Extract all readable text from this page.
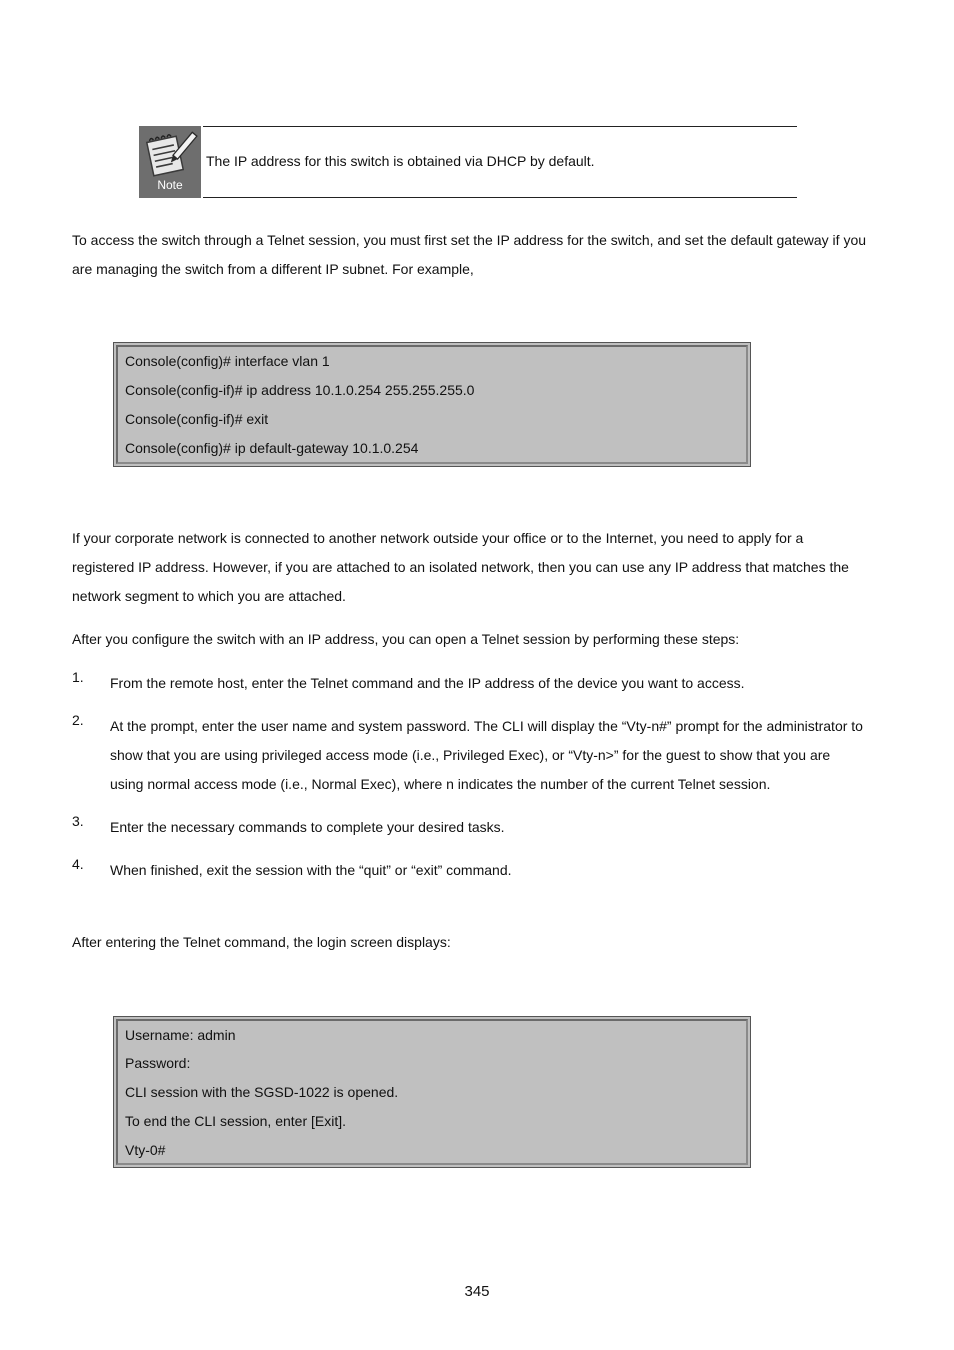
Note
The IP address for this switch is obtained via DHCP by default.
To access the switch through a Telnet session, you must first set the IP address for the switch, and set the default gateway if you
are managing the switch from a different IP subnet. For example,
Console(config)# interface vlan 1
Console(config-if)# ip address 10.1.0.254 255.255.255.0
Console(config-if)# exit
Console(config)# ip default-gateway 10.1.0.254
If your corporate network is connected to another network outside your office or to the Internet, you need to apply for a
registered IP address. However, if you are attached to an isolated network, then you can use any IP address that matches the
network segment to which you are attached.
After you configure the switch with an IP address, you can open a Telnet session by performing these steps:
1. From the remote host, enter the Telnet command and the IP address of the device you want to access.
2. At the prompt, enter the user name and system password. The CLI will display the “Vty-n#” prompt for the administrator to
show that you are using privileged access mode (i.e., Privileged Exec), or “Vty-n>” for the guest to show that you are
using normal access mode (i.e., Normal Exec), where n indicates the number of the current Telnet session.
3. Enter the necessary commands to complete your desired tasks.
4. When finished, exit the session with the “quit” or “exit” command.
After entering the Telnet command, the login screen displays:
Username: admin
Password:
CLI session with the SGSD-1022 is opened.
To end the CLI session, enter [Exit].
Vty-0#
345
